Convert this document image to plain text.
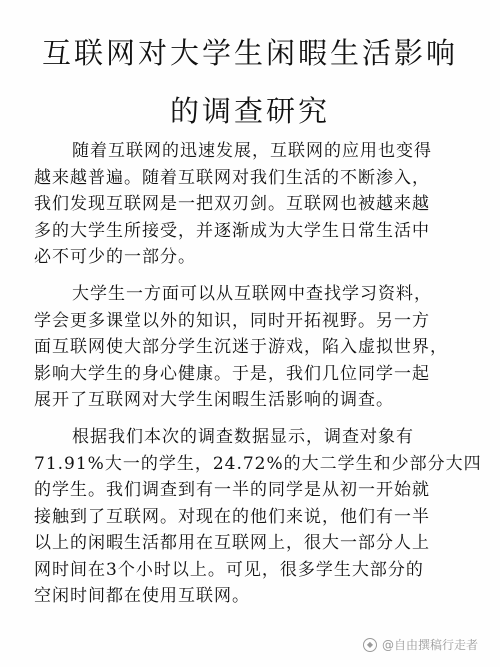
互联网对大学生闲暇生活影响
的调查研究

随着互联网的迅速发展，互联网的应用也变得
越来越普遍。随着互联网对我们生活的不断渗入，
我们发现互联网是一把双刃剑。互联网也被越来越
多的大学生所接受，并逐渐成为大学生日常生活中
必不可少的一部分。

大学生一方面可以从互联网中查找学习资料，
学会更多课堂以外的知识，同时开拓视野。另一方
面互联网使大部分学生沉迷于游戏，陷入虚拟世界，
影响大学生的身心健康。于是，我们几位同学一起
展开了互联网对大学生闲暇生活影响的调查。

根据我们本次的调查数据显示，调查对象有
71.91%大一的学生，24.72%的大二学生和少部分大四
的学生。我们调查到有一半的同学是从初一开始就
接触到了互联网。对现在的他们来说，他们有一半
以上的闲暇生活都用在互联网上，很大一部分人上
网时间在3个小时以上。可见，很多学生大部分的
空闲时间都在使用互联网。

◆ @自由撰稿行走者
